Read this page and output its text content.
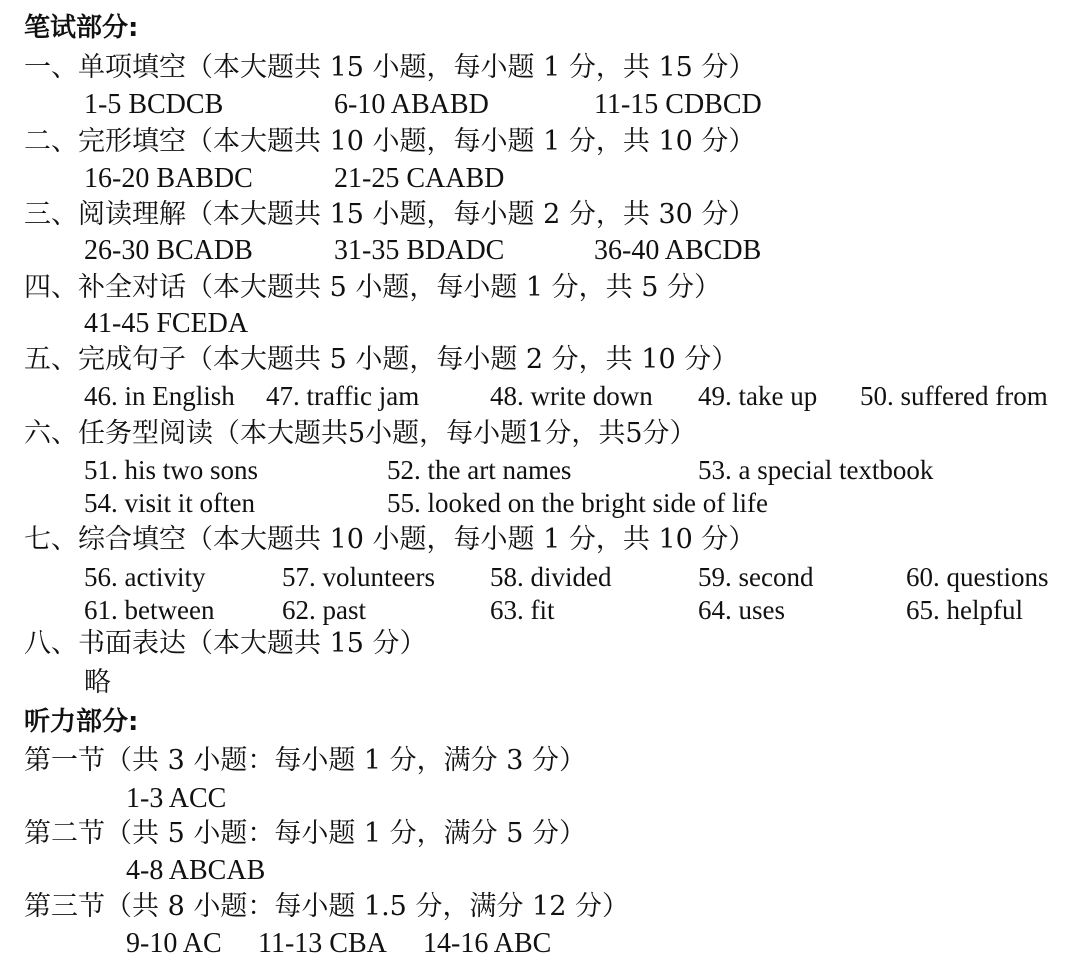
笔试部分:
一、单项填空（本大题共 15 小题，每小题 1 分，共 15 分）
1-5 BCDCB	6-10 ABABD	11-15 CDBCD
二、完形填空（本大题共 10 小题，每小题 1 分，共 10 分）
16-20 BABDC	21-25 CAABD
三、阅读理解（本大题共 15 小题，每小题 2 分，共 30 分）
26-30 BCADB	31-35 BDADC	36-40 ABCDB
四、补全对话（本大题共 5 小题，每小题 1 分，共 5 分）
41-45 FCEDA
五、完成句子（本大题共 5 小题，每小题 2 分，共 10 分）
46. in English 47. traffic jam	48. write down 49. take up 50. suffered from
六、任务型阅读（本大题共5小题，每小题1分，共5分）
51. his two sons	52. the art names	53. a special textbook
54. visit it often	55. looked on the bright side of life
七、综合填空（本大题共 10 小题，每小题 1 分，共 10 分）
56. activity	57. volunteers 58. divided	59. second	60. questions
61. between	62. past	63. fit	64. uses	65. helpful
八、书面表达（本大题共 15 分）
略
听力部分:
第一节（共 3 小题：每小题 1 分，满分 3 分）
1-3 ACC
第二节（共 5 小题：每小题 1 分，满分 5 分）
4-8 ABCAB
第三节（共 8 小题：每小题 1.5 分，满分 12 分）
9-10 AC 11-13 CBA 14-16 ABC
